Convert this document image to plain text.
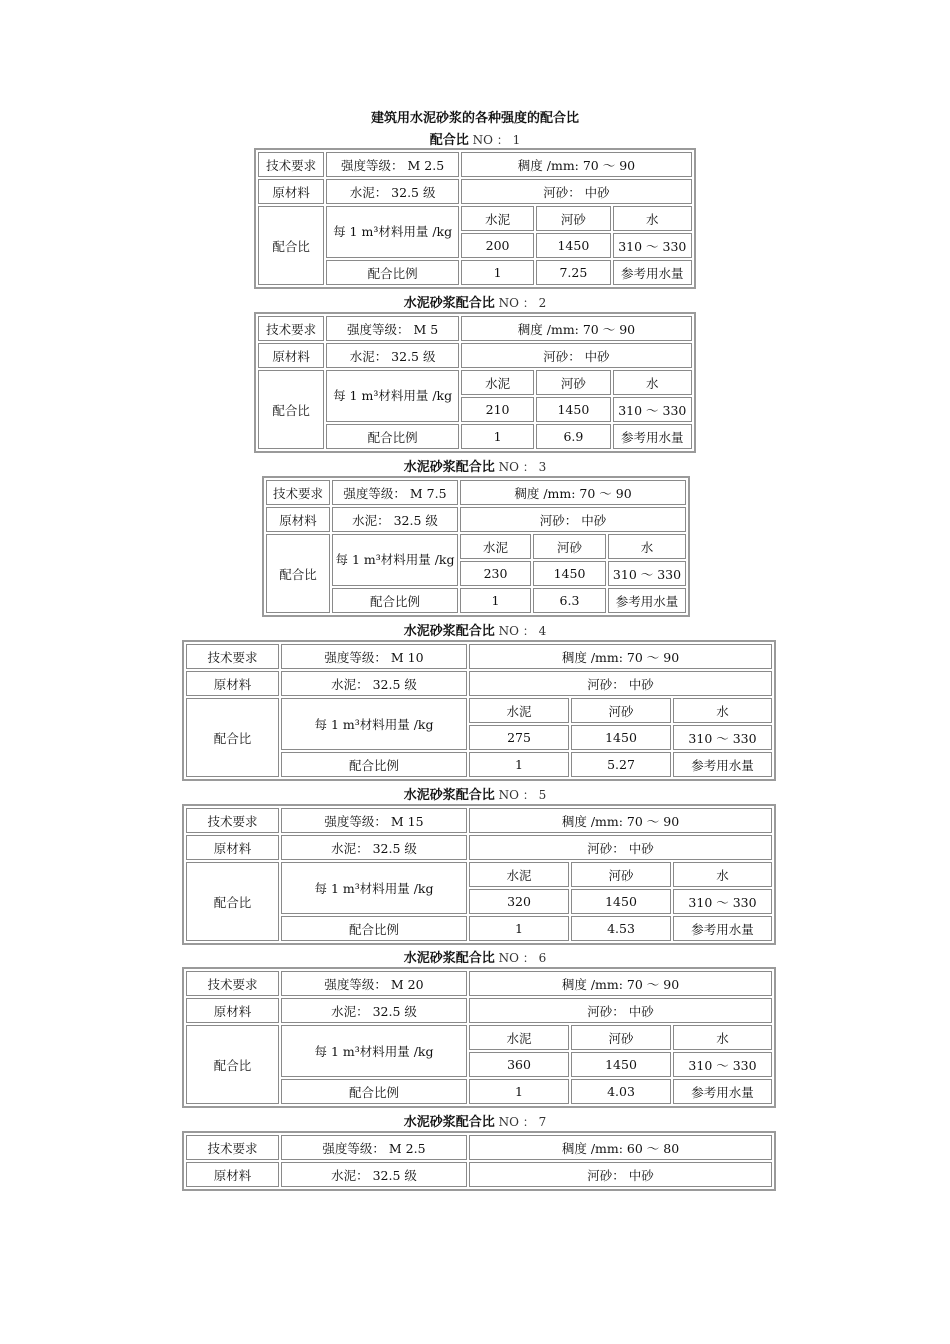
建筑用水泥砂浆的各种强度的配合比
配合比 NO ： 1
技术要求	强度等级： M 2.5	稠度 /mm: 70 ～ 90		
原材料	水泥： 32.5 级	河砂： 中砂		
配合比	每 1 m³材料用量 /kg	水泥	河砂	水
		200	1450	310 ～ 330
	配合比例	1	7.25	参考用水量
水泥砂浆配合比 NO ： 2
技术要求	强度等级： M 5	稠度 /mm: 70 ～ 90		
原材料	水泥： 32.5 级	河砂： 中砂		
配合比	每 1 m³材料用量 /kg	水泥	河砂	水
		210	1450	310 ～ 330
	配合比例	1	6.9	参考用水量
水泥砂浆配合比 NO ： 3
技术要求	强度等级： M 7.5	稠度 /mm: 70 ～ 90		
原材料	水泥： 32.5 级	河砂： 中砂		
配合比	每 1 m³材料用量 /kg	水泥	河砂	水
		230	1450	310 ～ 330
	配合比例	1	6.3	参考用水量
水泥砂浆配合比 NO ： 4
技术要求	强度等级： M 10	稠度 /mm: 70 ～ 90		
原材料	水泥： 32.5 级	河砂： 中砂		
配合比	每 1 m³材料用量 /kg	水泥	河砂	水
		275	1450	310 ～ 330
	配合比例	1	5.27	参考用水量
水泥砂浆配合比 NO ： 5
技术要求	强度等级： M 15	稠度 /mm: 70 ～ 90		
原材料	水泥： 32.5 级	河砂： 中砂		
配合比	每 1 m³材料用量 /kg	水泥	河砂	水
		320	1450	310 ～ 330
	配合比例	1	4.53	参考用水量
水泥砂浆配合比 NO ： 6
技术要求	强度等级： M 20	稠度 /mm: 70 ～ 90		
原材料	水泥： 32.5 级	河砂： 中砂		
配合比	每 1 m³材料用量 /kg	水泥	河砂	水
		360	1450	310 ～ 330
	配合比例	1	4.03	参考用水量
水泥砂浆配合比 NO ： 7
技术要求	强度等级： M 2.5	稠度 /mm: 60 ～ 80
原材料	水泥： 32.5 级	河砂： 中砂
